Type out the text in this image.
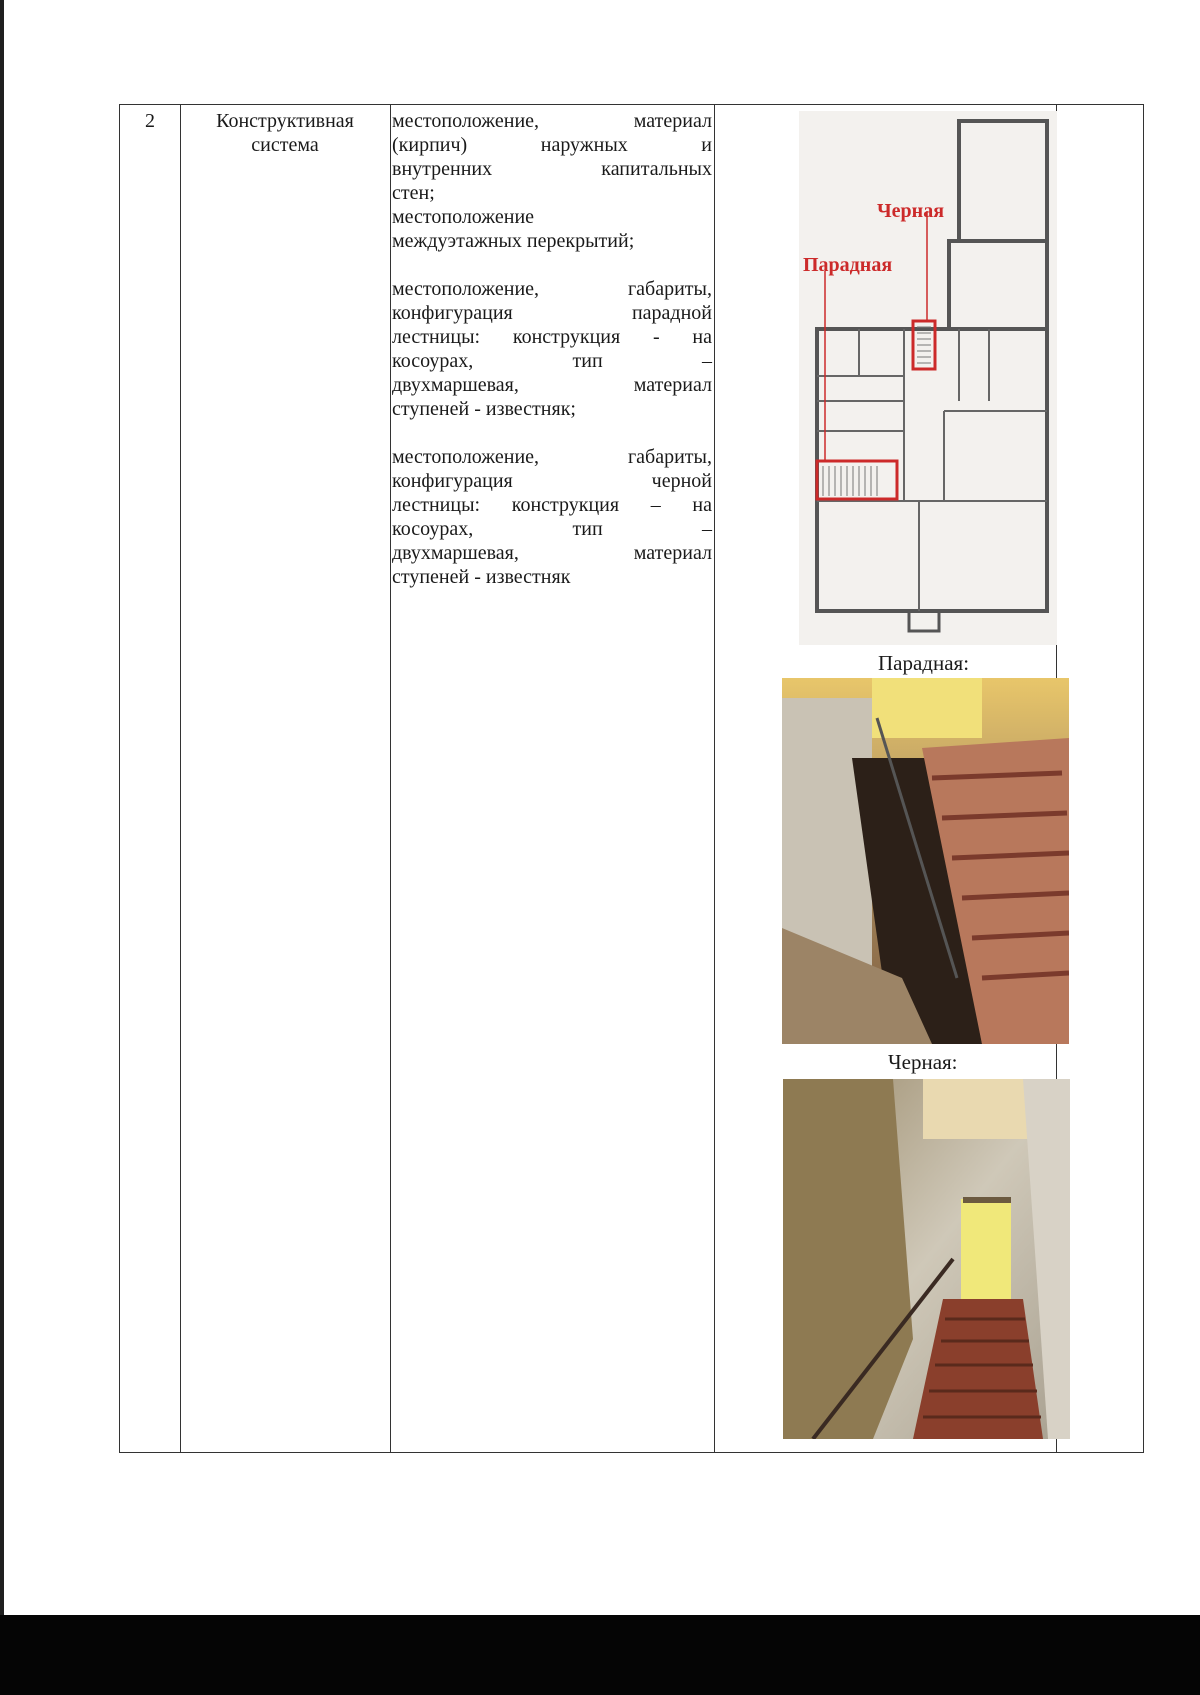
2	Конструктивная
система

местоположение, материал
(кирпич) наружных и
внутренних капитальных
стен;
местоположение
междуэтажных перекрытий;

местоположение, габариты,
конфигурация парадной
лестницы: конструкция - на
косоурах, тип –
двухмаршевая, материал
ступеней - известняк;

местоположение, габариты,
конфигурация черной
лестницы: конструкция – на
косоурах, тип –
двухмаршевая, материал
ступеней - известняк

Черная
Парадная
Парадная:
Черная:
